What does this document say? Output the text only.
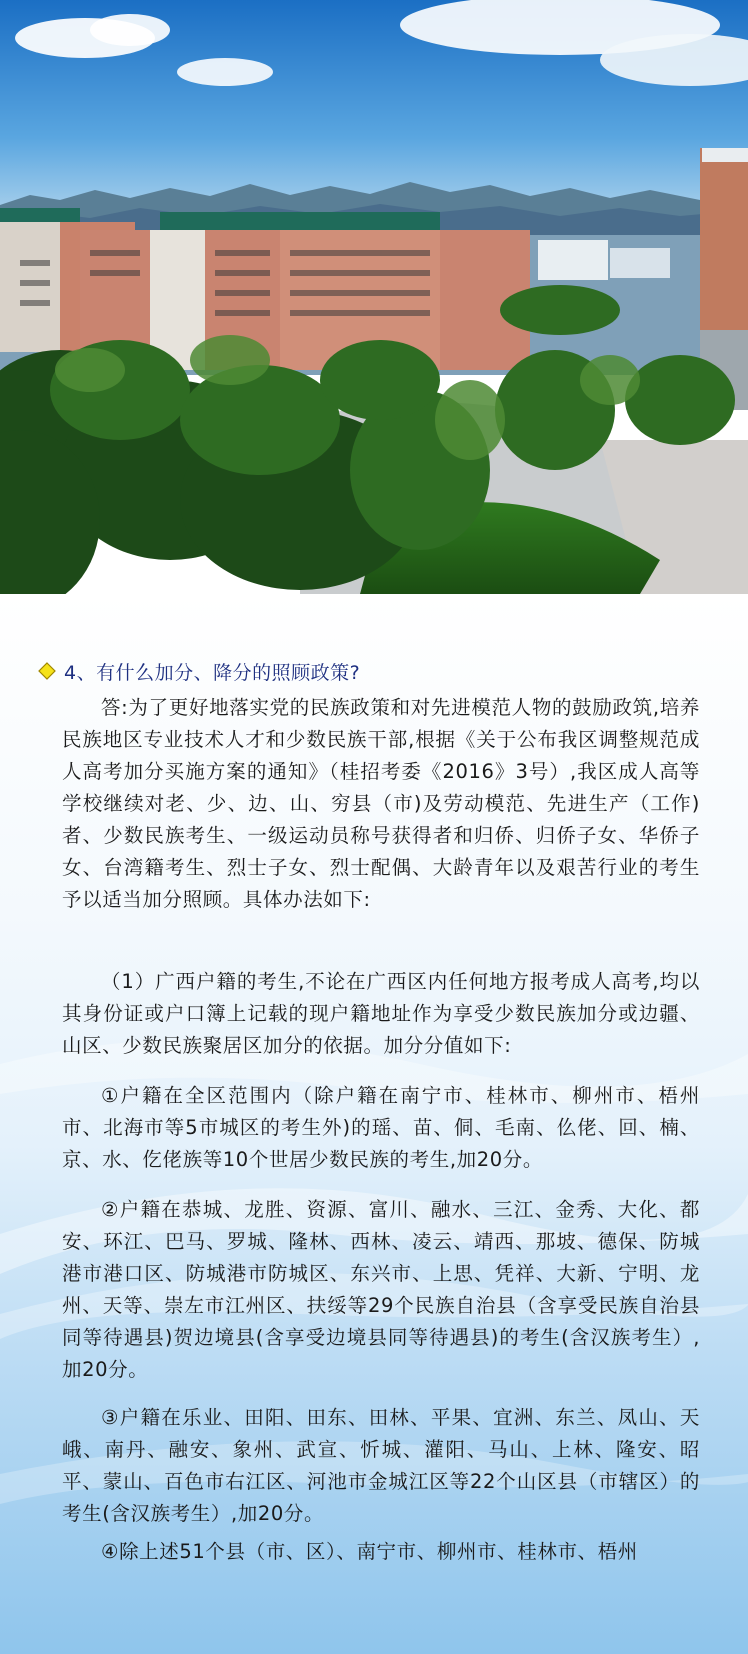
4、有什么加分、降分的照顾政策?

答:为了更好地落实党的民族政策和对先进模范人物的鼓励政筑,培养民族地区专业技术人才和少数民族干部,根据《关于公布我区调整规范成人高考加分买施方案的通知》（桂招考委《2016》3号）,我区成人高等学校继续对老、少、边、山、穷县（市)及劳动模范、先进生产（工作)者、少数民族考生、一级运动员称号获得者和归侨、归侨子女、华侨子女、台湾籍考生、烈士子女、烈士配偶、大龄青年以及艰苦行业的考生予以适当加分照顾。具体办法如下:

（1）广西户籍的考生,不论在广西区内任何地方报考成人高考,均以其身份证或户口簿上记载的现户籍地址作为享受少数民族加分或边疆、山区、少数民族聚居区加分的依据。加分分值如下:

①户籍在全区范围内（除户籍在南宁市、桂林市、柳州市、梧州市、北海市等5市城区的考生外)的瑶、苗、侗、毛南、仫佬、回、楠、京、水、仡佬族等10个世居少数民族的考生,加20分。

②户籍在恭城、龙胜、资源、富川、融水、三江、金秀、大化、都安、环江、巴马、罗城、隆林、西林、凌云、靖西、那坡、德保、防城港市港口区、防城港市防城区、东兴市、上思、凭祥、大新、宁明、龙州、天等、崇左市江州区、扶绥等29个民族自治县（含享受民族自治县同等待遇县)贺边境县(含享受边境县同等待遇县)的考生(含汉族考生）,加20分。

③户籍在乐业、田阳、田东、田林、平果、宜洲、东兰、凤山、天峨、南丹、融安、象州、武宣、忻城、灌阳、马山、上林、隆安、昭平、蒙山、百色市右江区、河池市金城江区等22个山区县（市辖区）的考生(含汉族考生）,加20分。

④除上述51个县（市、区）、南宁市、柳州市、桂林市、梧州
